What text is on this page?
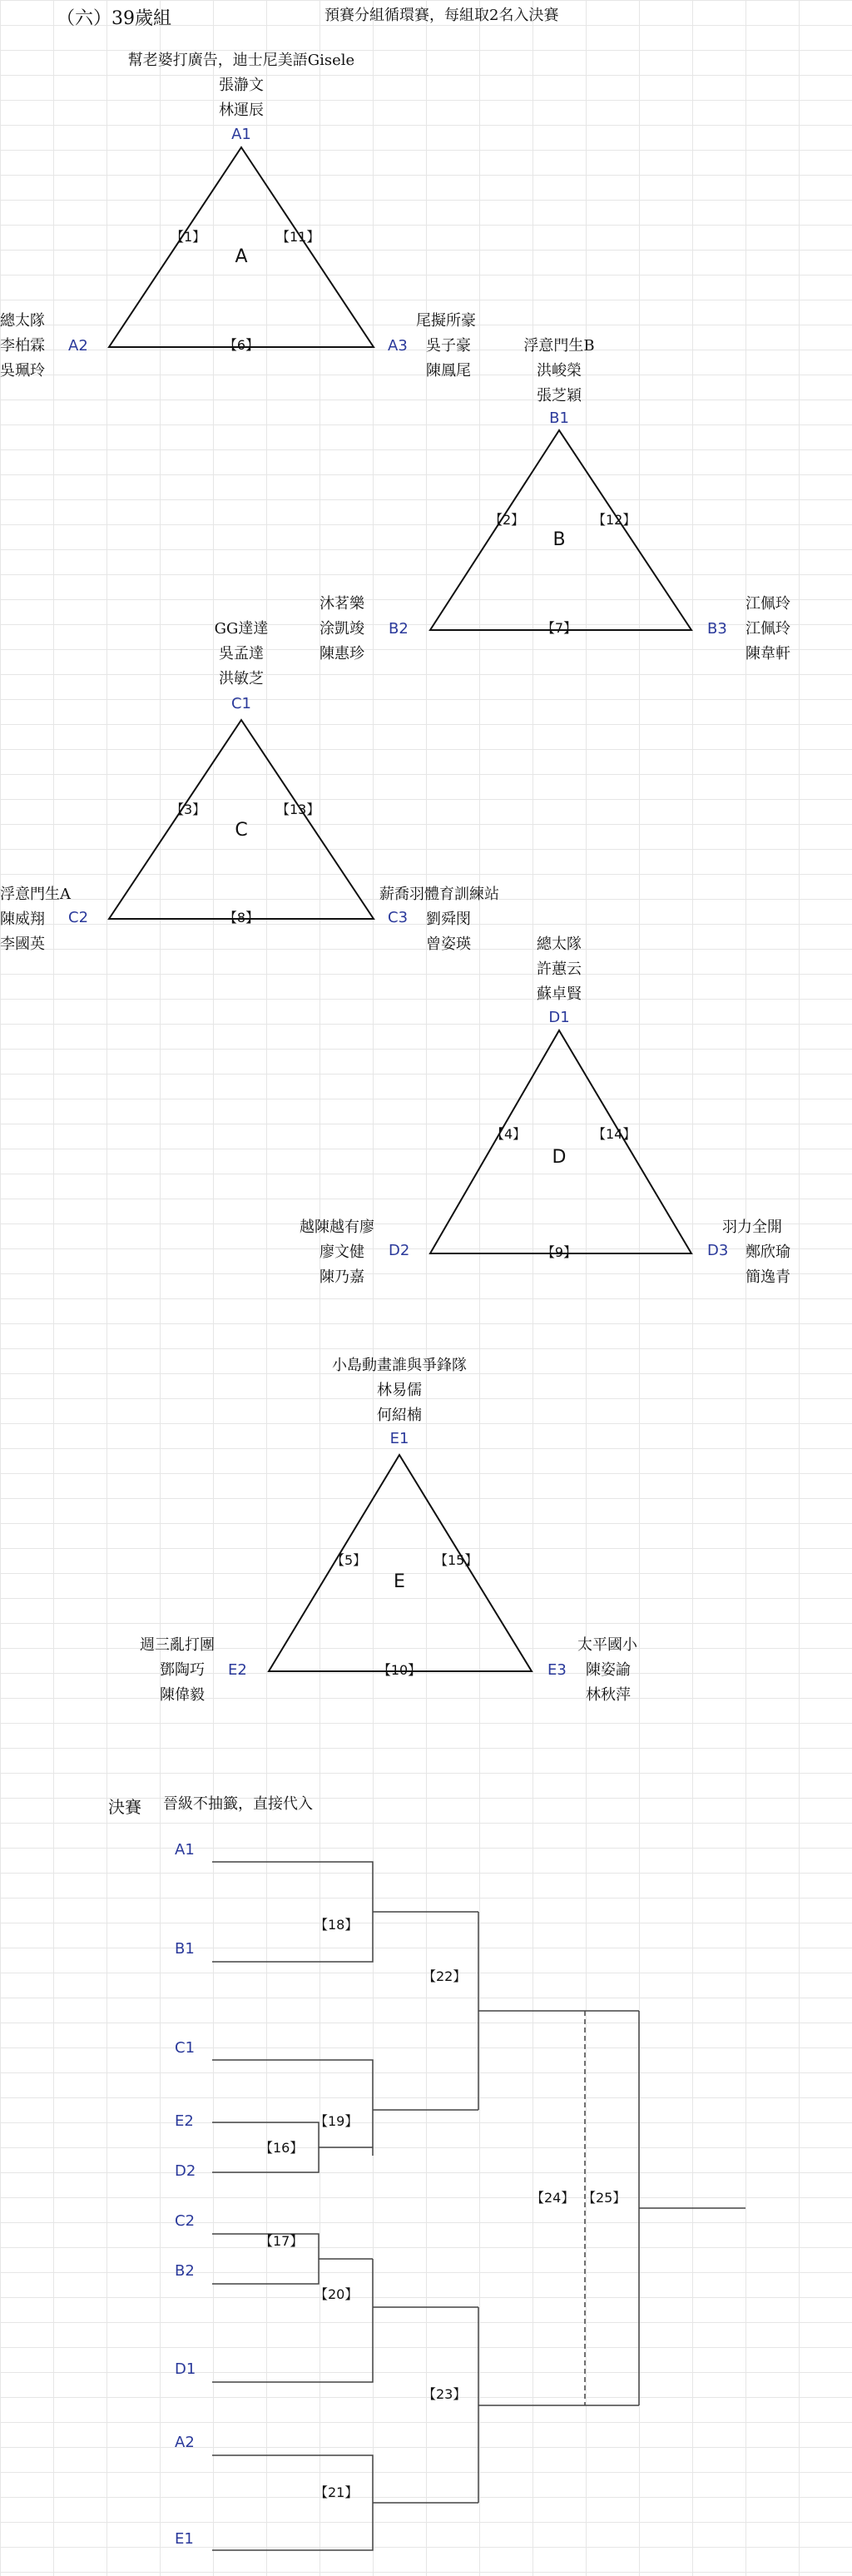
（六）39歲組	預賽分組循環賽，每組取2名入決賽
幫老婆打廣告，迪士尼美語Gisele
張瀞文
林運辰
A1
A
【1】	【11】
【6】
總太隊
李柏霖
吳珮玲
A2	A3
尾擬所豪
吳子豪
陳鳳尾
浮意門生B
洪峻榮
張芝穎
B1
B
【2】	【12】
【7】
沐茗樂
涂凱竣
陳惠珍
B2	B3
江佩玲
江佩玲
陳韋軒
GG達達
吳孟達
洪敏芝
C1
C
【3】	【13】
【8】
浮意門生A
陳威翔
李國英
C2	C3
薪喬羽體育訓練站
劉舜閔
曾姿瑛	總太隊
許蕙云
蘇卓賢
D1
D
【4】	【14】
【9】
越陳越有廖
廖文健
陳乃嘉
D2	D3
羽力全開
鄭欣瑜
簡逸青
小島動畫誰與爭鋒隊
林易儒
何紹楠
E1
E
【5】	【15】
【10】
週三亂打團
鄧陶巧
陳偉毅
E2	E3
太平國小
陳姿諭
林秋萍
決賽 晉級不抽籤，直接代入
A1
B1
C1
E2
D2
C2
B2
D1
A2
E1
【16】
【17】
【18】
【19】
【20】
【21】
【22】
【23】
【24】 【25】
